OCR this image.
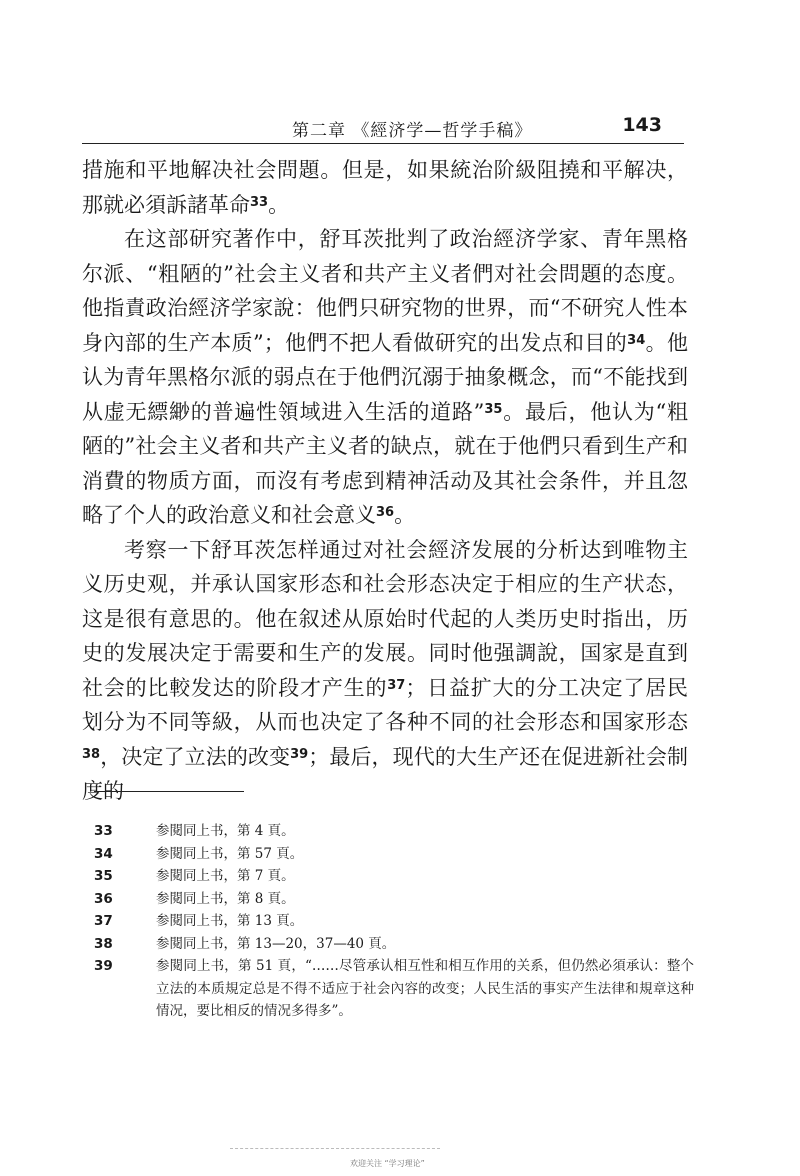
第二章 《經济学—哲学手稿》	143

措施和平地解决社会問題。但是，如果統治阶級阻撓和平解决，那就必須訴諸革命$^{33}$。

在这部研究著作中，舒耳茨批判了政治經济学家、青年黑格尔派、“粗陋的”社会主义者和共产主义者們对社会問題的态度。他指責政治經济学家說：他們只研究物的世界，而“不研究人性本身內部的生产本质”；他們不把人看做研究的出发点和目的$^{34}$。他认为青年黑格尔派的弱点在于他們沉溺于抽象概念，而“不能找到从虚无縹緲的普遍性領域进入生活的道路”$^{35}$。最后，他认为“粗陋的”社会主义者和共产主义者的缺点，就在于他們只看到生产和消費的物质方面，而沒有考虑到精神活动及其社会条件，并且忽略了个人的政治意义和社会意义$^{36}$。

考察一下舒耳茨怎样通过对社会經济发展的分析达到唯物主义历史观，并承认国家形态和社会形态决定于相应的生产状态，这是很有意思的。他在叙述从原始时代起的人类历史时指出，历史的发展决定于需要和生产的发展。同时他强調說，国家是直到社会的比較发达的阶段才产生的$^{37}$；日益扩大的分工决定了居民划分为不同等級，从而也决定了各种不同的社会形态和国家形态$^{38}$，决定了立法的改变$^{39}$；最后，现代的大生产还在促进新社会制度的

33	参閱同上书，第 4 頁。
34	参閱同上书，第 57 頁。
35	参閱同上书，第 7 頁。
36	参閱同上书，第 8 頁。
37	参閱同上书，第 13 頁。
38	参閱同上书，第 13—20，37—40 頁。
39	参閱同上书，第 51 頁，“……尽管承认相互性和相互作用的关系，但仍然必須承认：整个立法的本质規定总是不得不适应于社会內容的改变；人民生活的事实产生法律和規章这种情况，要比相反的情况多得多”。
欢迎关注 “学习理论”
